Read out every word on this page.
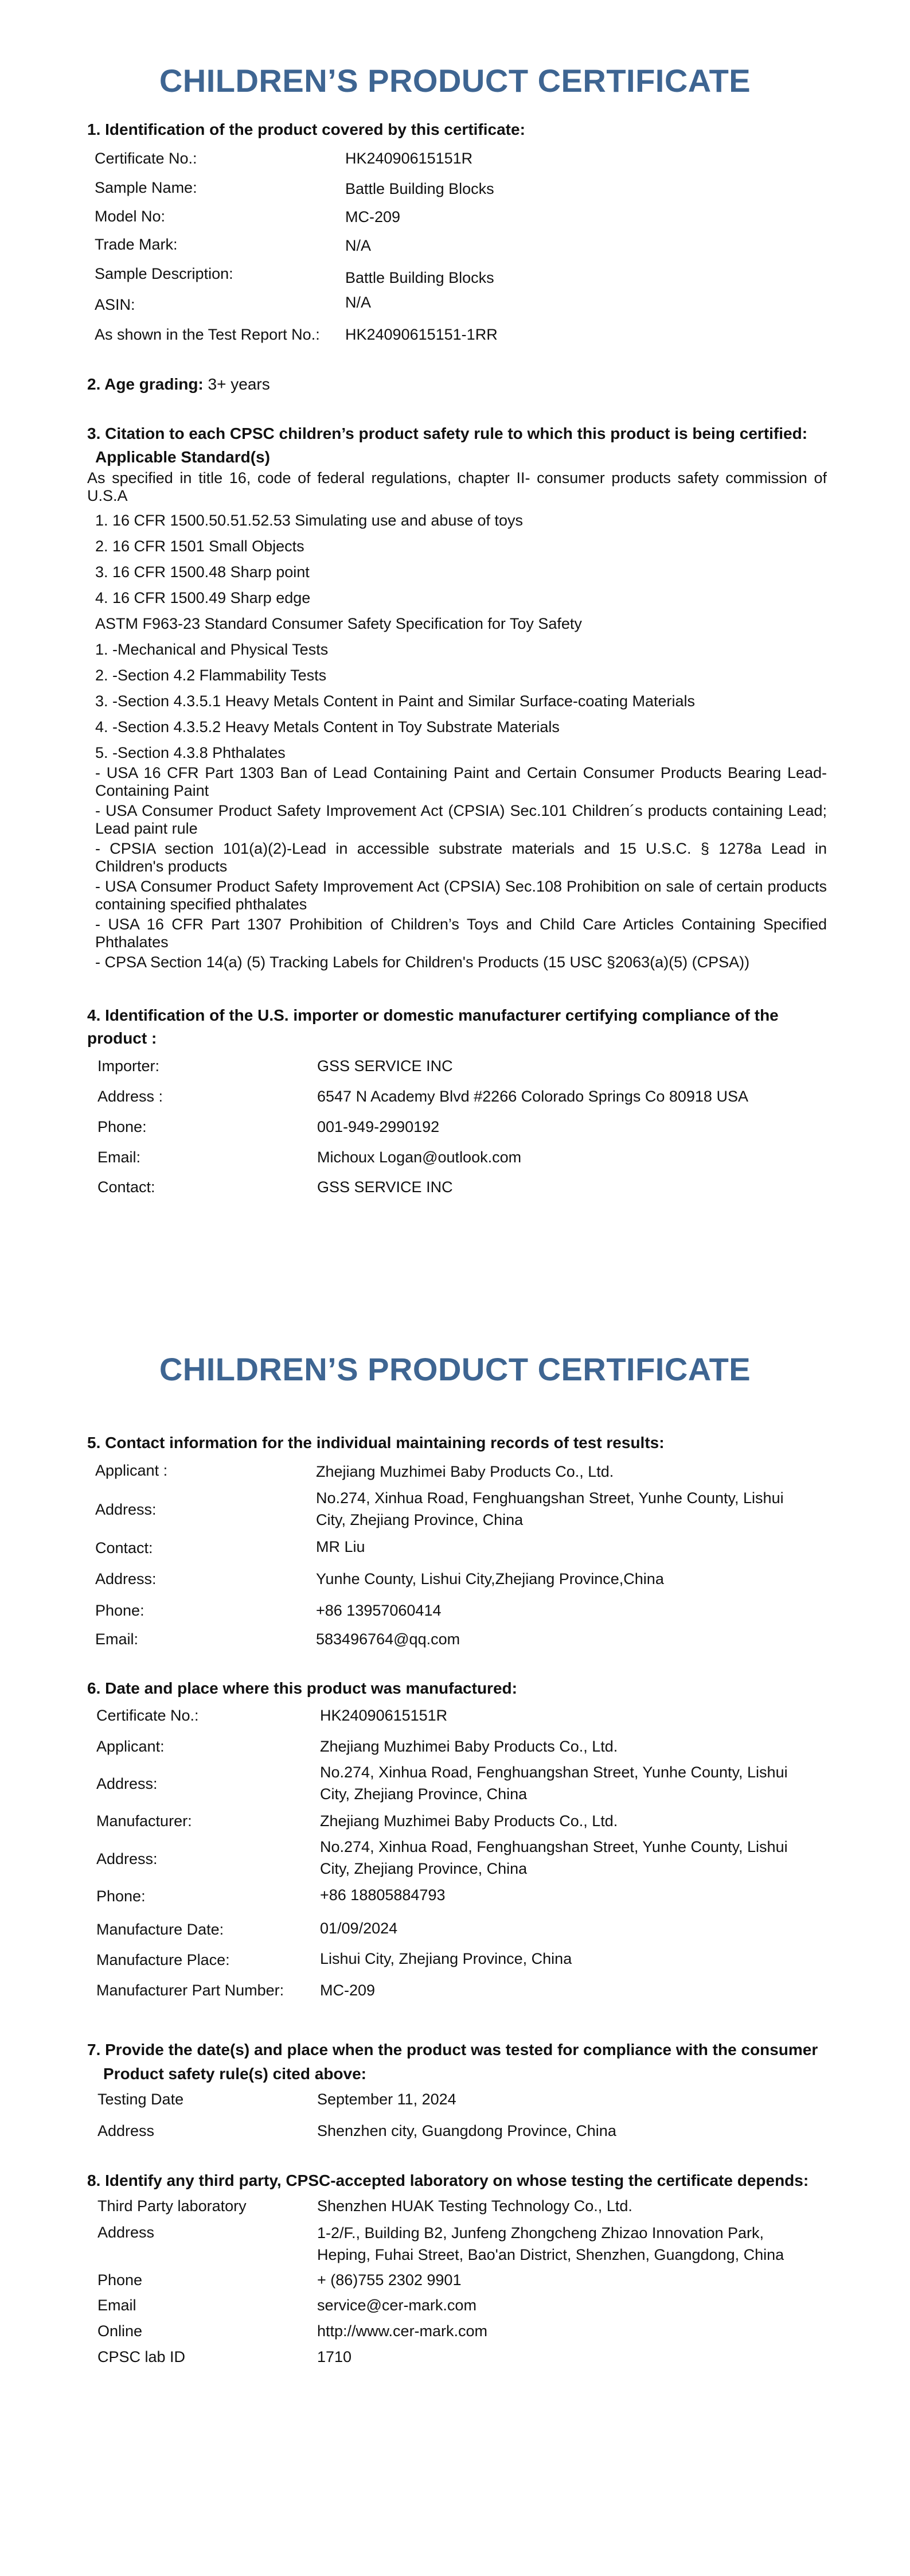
CHILDREN’S PRODUCT CERTIFICATE

1. Identification of the product covered by this certificate:

Certificate No.:	HK24090615151R
Sample Name:	Battle Building Blocks
Model No:	MC-209
Trade Mark:	N/A
Sample Description:	Battle Building Blocks
ASIN:	N/A
As shown in the Test Report No.: HK24090615151-1RR

2. Age grading: 3+ years

3. Citation to each CPSC children’s product safety rule to which this product is being certified:

Applicable Standard(s)

As specified in title 16, code of federal regulations, chapter II- consumer products safety commission of U.S.A

1. 16 CFR 1500.50.51.52.53 Simulating use and abuse of toys

2. 16 CFR 1501 Small Objects

3. 16 CFR 1500.48 Sharp point

4. 16 CFR 1500.49 Sharp edge

ASTM F963-23 Standard Consumer Safety Specification for Toy Safety

1. -Mechanical and Physical Tests

2. -Section 4.2 Flammability Tests

3. -Section 4.3.5.1 Heavy Metals Content in Paint and Similar Surface-coating Materials

4. -Section 4.3.5.2 Heavy Metals Content in Toy Substrate Materials

5. -Section 4.3.8 Phthalates

- USA 16 CFR Part 1303 Ban of Lead Containing Paint and Certain Consumer Products Bearing Lead- Containing Paint

- USA Consumer Product Safety Improvement Act (CPSIA) Sec.101 Children´s products containing Lead; Lead paint rule

- CPSIA section 101(a)(2)-Lead in accessible substrate materials and 15 U.S.C. § 1278a Lead in Children's products

- USA Consumer Product Safety Improvement Act (CPSIA) Sec.108 Prohibition on sale of certain products containing specified phthalates

- USA 16 CFR Part 1307 Prohibition of Children’s Toys and Child Care Articles Containing Specified Phthalates

- CPSA Section 14(a) (5) Tracking Labels for Children's Products (15 USC §2063(a)(5) (CPSA))

4. Identification of the U.S. importer or domestic manufacturer certifying compliance of the product :

Importer:	GSS SERVICE INC
Address :	6547 N Academy Blvd #2266 Colorado Springs Co 80918 USA
Phone:	001-949-2990192
Email:	Michoux Logan@outlook.com
Contact:	GSS SERVICE INC
CHILDREN’S PRODUCT CERTIFICATE

5. Contact information for the individual maintaining records of test results:

Applicant :	Zhejiang Muzhimei Baby Products Co., Ltd.
Address:
No.274, Xinhua Road, Fenghuangshan Street, Yunhe County, Lishui City, Zhejiang Province, China
Contact:	MR Liu
Address:	Yunhe County, Lishui City,Zhejiang Province,China
Phone:	+86 13957060414
Email:	583496764@qq.com

6. Date and place where this product was manufactured:

Certificate No.:	HK24090615151R
Applicant:	Zhejiang Muzhimei Baby Products Co., Ltd.
Address:
No.274, Xinhua Road, Fenghuangshan Street, Yunhe County, Lishui City, Zhejiang Province, China
Manufacturer:	Zhejiang Muzhimei Baby Products Co., Ltd.
Address:
No.274, Xinhua Road, Fenghuangshan Street, Yunhe County, Lishui City, Zhejiang Province, China
Phone:	+86 18805884793
Manufacture Date:	01/09/2024
Manufacture Place:	Lishui City, Zhejiang Province, China
Manufacturer Part Number: MC-209

7. Provide the date(s) and place when the product was tested for compliance with the consumer

Product safety rule(s) cited above:

Testing Date	September 11, 2024
Address	Shenzhen city, Guangdong Province, China

8. Identify any third party, CPSC-accepted laboratory on whose testing the certificate depends:

Third Party laboratory	Shenzhen HUAK Testing Technology Co., Ltd.
Address	1-2/F., Building B2, Junfeng Zhongcheng Zhizao Innovation Park, Heping, Fuhai Street, Bao'an District, Shenzhen, Guangdong, China
Phone	+ (86)755 2302 9901
Email	service@cer-mark.com
Online	http://www.cer-mark.com
CPSC lab ID	1710
